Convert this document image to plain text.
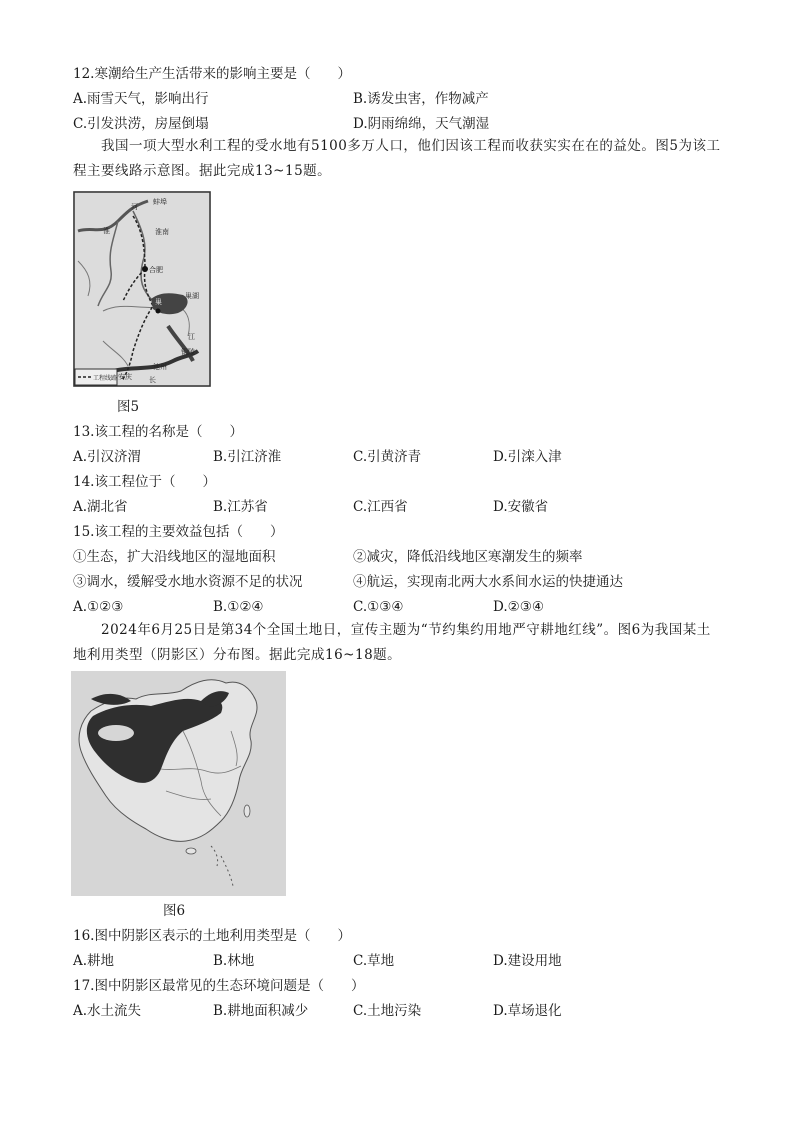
12.寒潮给生产生活带来的影响主要是（　　）
A.雨雪天气，影响出行	B.诱发虫害，作物减产
C.引发洪涝，房屋倒塌	D.阴雨绵绵，天气潮湿
我国一项大型水利工程的受水地有5100多万人口，他们因该工程而收获实实在在的益处。图5为该工程主要线路示意图。据此完成13~15题。
蚌埠
淮
河
淮南
合肥
巢
巢湖
江
铜陵
安庆
池州
长
工程线路
图5
13.该工程的名称是（　　）
A.引汉济渭	B.引江济淮	C.引黄济青	D.引滦入津
14.该工程位于（　　）
A.湖北省	B.江苏省	C.江西省	D.安徽省
15.该工程的主要效益包括（　　）
①生态，扩大沿线地区的湿地面积	②减灾，降低沿线地区寒潮发生的频率
③调水，缓解受水地水资源不足的状况	④航运，实现南北两大水系间水运的快捷通达
A.①②③	B.①②④	C.①③④	D.②③④
2024年6月25日是第34个全国土地日，宣传主题为“节约集约用地严守耕地红线”。图6为我国某土地利用类型（阴影区）分布图。据此完成16~18题。
图6
16.图中阴影区表示的土地利用类型是（　　）
A.耕地	B.林地	C.草地	D.建设用地
17.图中阴影区最常见的生态环境问题是（　　）
A.水土流失	B.耕地面积减少	C.土地污染	D.草场退化
